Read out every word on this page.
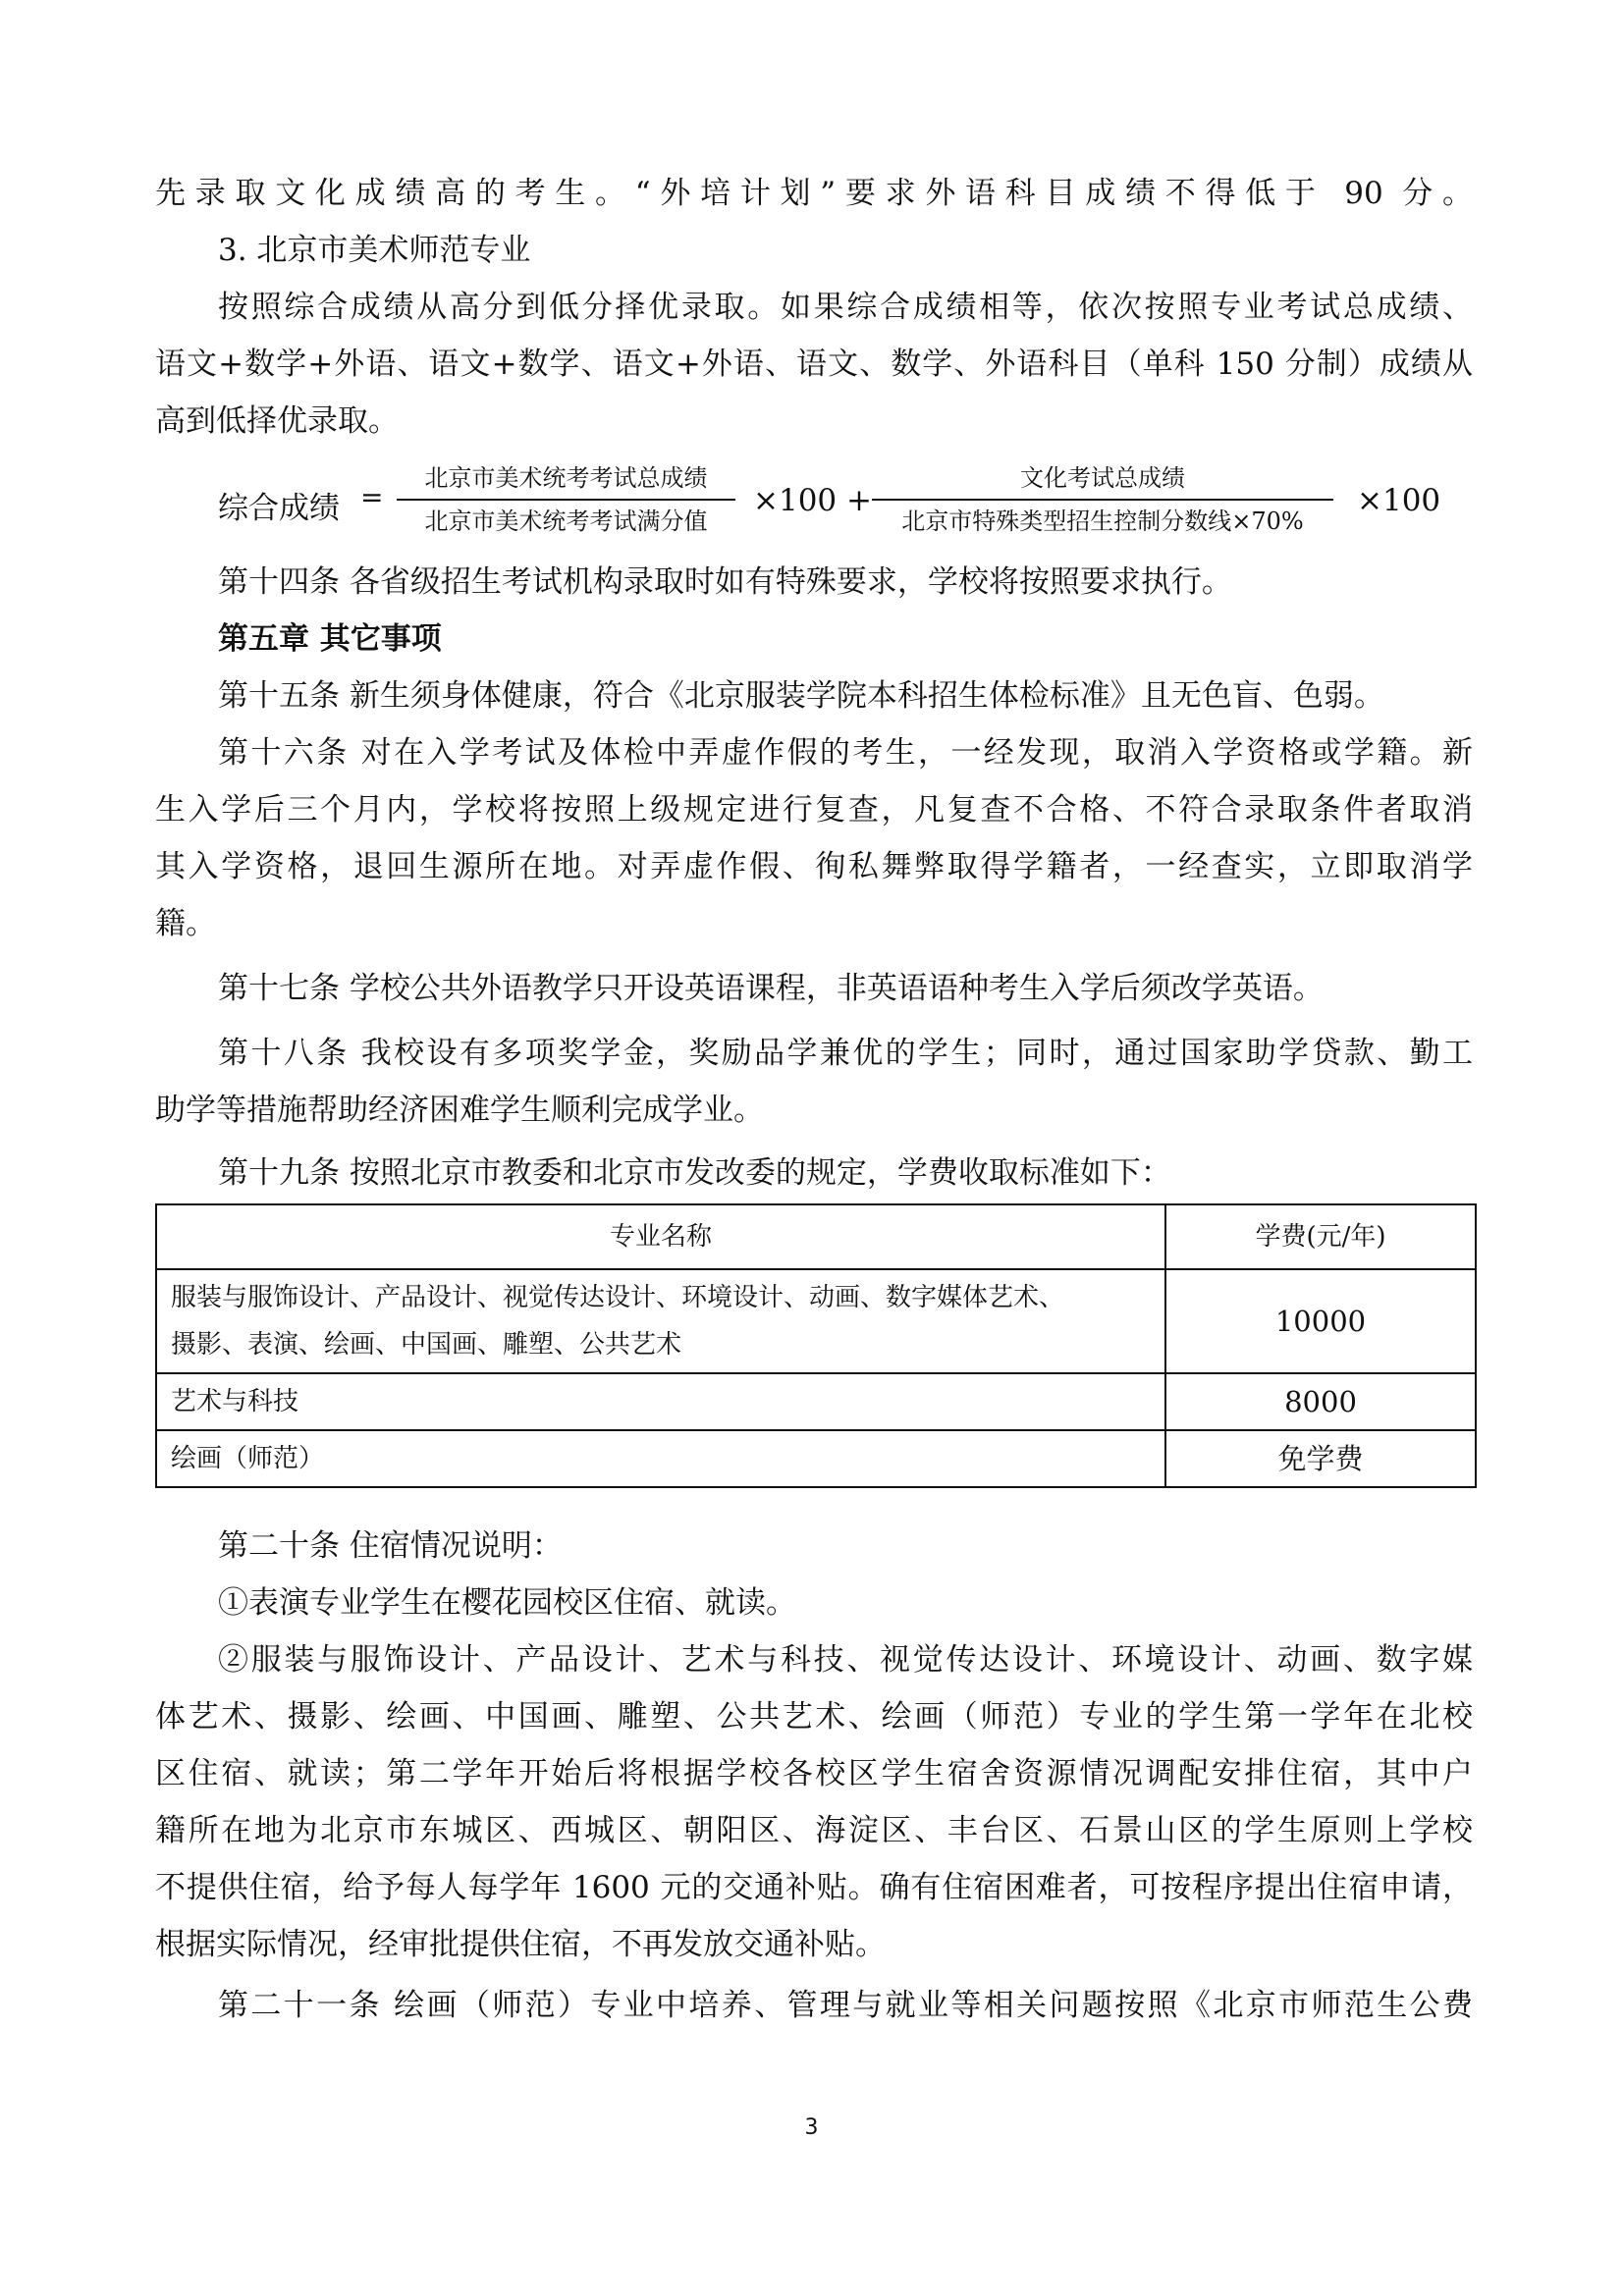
先录取文化成绩高的考生。“外培计划”要求外语科目成绩不得低于 90 分。
3. 北京市美术师范专业
按照综合成绩从高分到低分择优录取。如果综合成绩相等，依次按照专业考试总成绩、
语文+数学+外语、语文+数学、语文+外语、语文、数学、外语科目（单科 150 分制）成绩从
高到低择优录取。
综合成绩 =
北京市美术统考考试总成绩
北京市美术统考考试满分值
×100 +
文化考试总成绩
北京市特殊类型招生控制分数线×70%
×100
第十四条 各省级招生考试机构录取时如有特殊要求，学校将按照要求执行。
第五章 其它事项
第十五条 新生须身体健康，符合《北京服装学院本科招生体检标准》且无色盲、色弱。
第十六条 对在入学考试及体检中弄虚作假的考生，一经发现，取消入学资格或学籍。新
生入学后三个月内，学校将按照上级规定进行复查，凡复查不合格、不符合录取条件者取消
其入学资格，退回生源所在地。对弄虚作假、徇私舞弊取得学籍者，一经查实，立即取消学
籍。
第十七条 学校公共外语教学只开设英语课程，非英语语种考生入学后须改学英语。
第十八条 我校设有多项奖学金，奖励品学兼优的学生；同时，通过国家助学贷款、勤工
助学等措施帮助经济困难学生顺利完成学业。
第十九条 按照北京市教委和北京市发改委的规定，学费收取标准如下：
专业名称	学费(元/年)

服装与服饰设计、产品设计、视觉传达设计、环境设计、动画、数字媒体艺术、
摄影、表演、绘画、中国画、雕塑、公共艺术	10000
艺术与科技	8000
绘画（师范）	免学费
第二十条 住宿情况说明：
①表演专业学生在樱花园校区住宿、就读。
②服装与服饰设计、产品设计、艺术与科技、视觉传达设计、环境设计、动画、数字媒
体艺术、摄影、绘画、中国画、雕塑、公共艺术、绘画（师范）专业的学生第一学年在北校
区住宿、就读；第二学年开始后将根据学校各校区学生宿舍资源情况调配安排住宿，其中户
籍所在地为北京市东城区、西城区、朝阳区、海淀区、丰台区、石景山区的学生原则上学校
不提供住宿，给予每人每学年 1600 元的交通补贴。确有住宿困难者，可按程序提出住宿申请，
根据实际情况，经审批提供住宿，不再发放交通补贴。
第二十一条 绘画（师范）专业中培养、管理与就业等相关问题按照《北京市师范生公费
3
